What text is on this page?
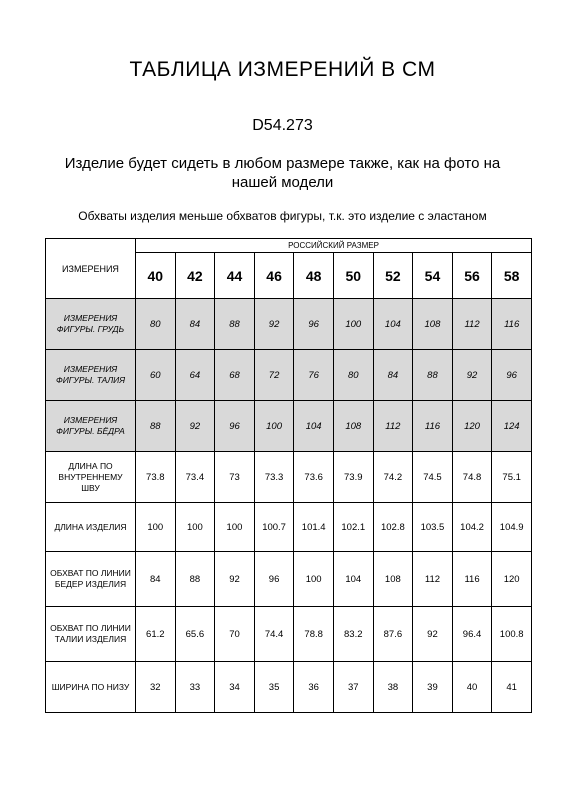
ТАБЛИЦА ИЗМЕРЕНИЙ В СМ
D54.273
Изделие будет сидеть в любом размере также, как на фото на нашей модели
Обхваты изделия меньше обхватов фигуры, т.к. это изделие с эластаном
ИЗМЕРЕНИЯ	РОССИЙСКИЙ РАЗМЕР									
	40	42	44	46	48	50	52	54	56	58
ИЗМЕРЕНИЯ ФИГУРЫ. ГРУДЬ	80	84	88	92	96	100	104	108	112	116
ИЗМЕРЕНИЯ ФИГУРЫ. ТАЛИЯ	60	64	68	72	76	80	84	88	92	96
ИЗМЕРЕНИЯ ФИГУРЫ. БЁДРА	88	92	96	100	104	108	112	116	120	124
ДЛИНА ПО ВНУТРЕННЕМУ ШВУ	73.8	73.4	73	73.3	73.6	73.9	74.2	74.5	74.8	75.1
ДЛИНА ИЗДЕЛИЯ	100	100	100	100.7	101.4	102.1	102.8	103.5	104.2	104.9
ОБХВАТ ПО ЛИНИИ БЕДЕР ИЗДЕЛИЯ	84	88	92	96	100	104	108	112	116	120
ОБХВАТ ПО ЛИНИИ ТАЛИИ ИЗДЕЛИЯ	61.2	65.6	70	74.4	78.8	83.2	87.6	92	96.4	100.8
ШИРИНА ПО НИЗУ	32	33	34	35	36	37	38	39	40	41
